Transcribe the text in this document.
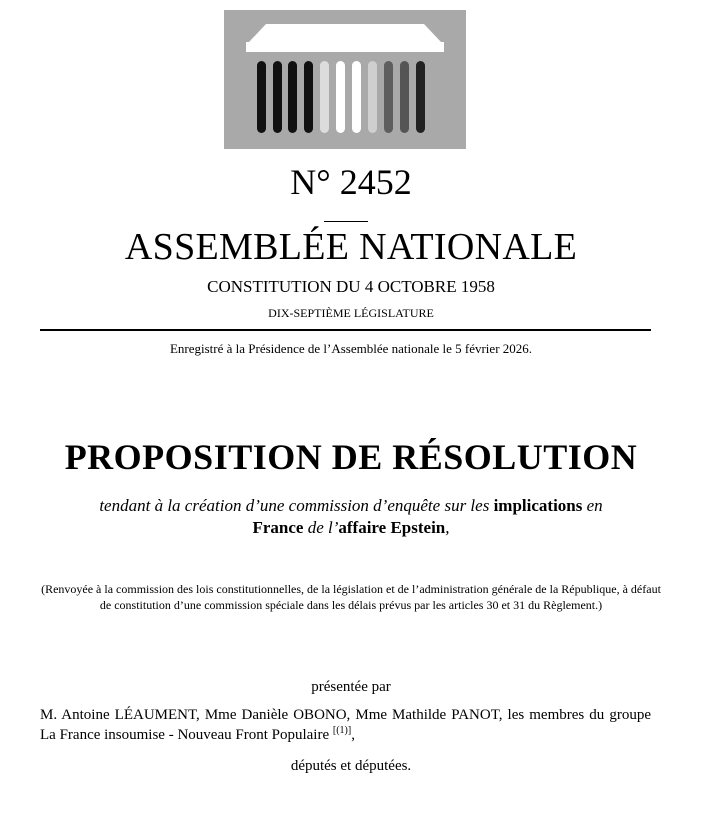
N° 2452
ASSEMBLÉE NATIONALE
CONSTITUTION DU 4 OCTOBRE 1958
DIX-SEPTIÈME LÉGISLATURE
Enregistré à la Présidence de l’Assemblée nationale le 5 février 2026.
PROPOSITION DE RÉSOLUTION
tendant à la création d’une commission d’enquête sur les implications en
France de l’affaire Epstein,
(Renvoyée à la commission des lois constitutionnelles, de la législation et de l’administration générale de la République, à défaut de constitution d’une commission spéciale dans les délais prévus par les articles 30 et 31 du Règlement.)
présentée par
M. Antoine LÉAUMENT, Mme Danièle OBONO, Mme Mathilde PANOT, les membres du groupe La France insoumise - Nouveau Front Populaire [(1)],
députés et députées.
